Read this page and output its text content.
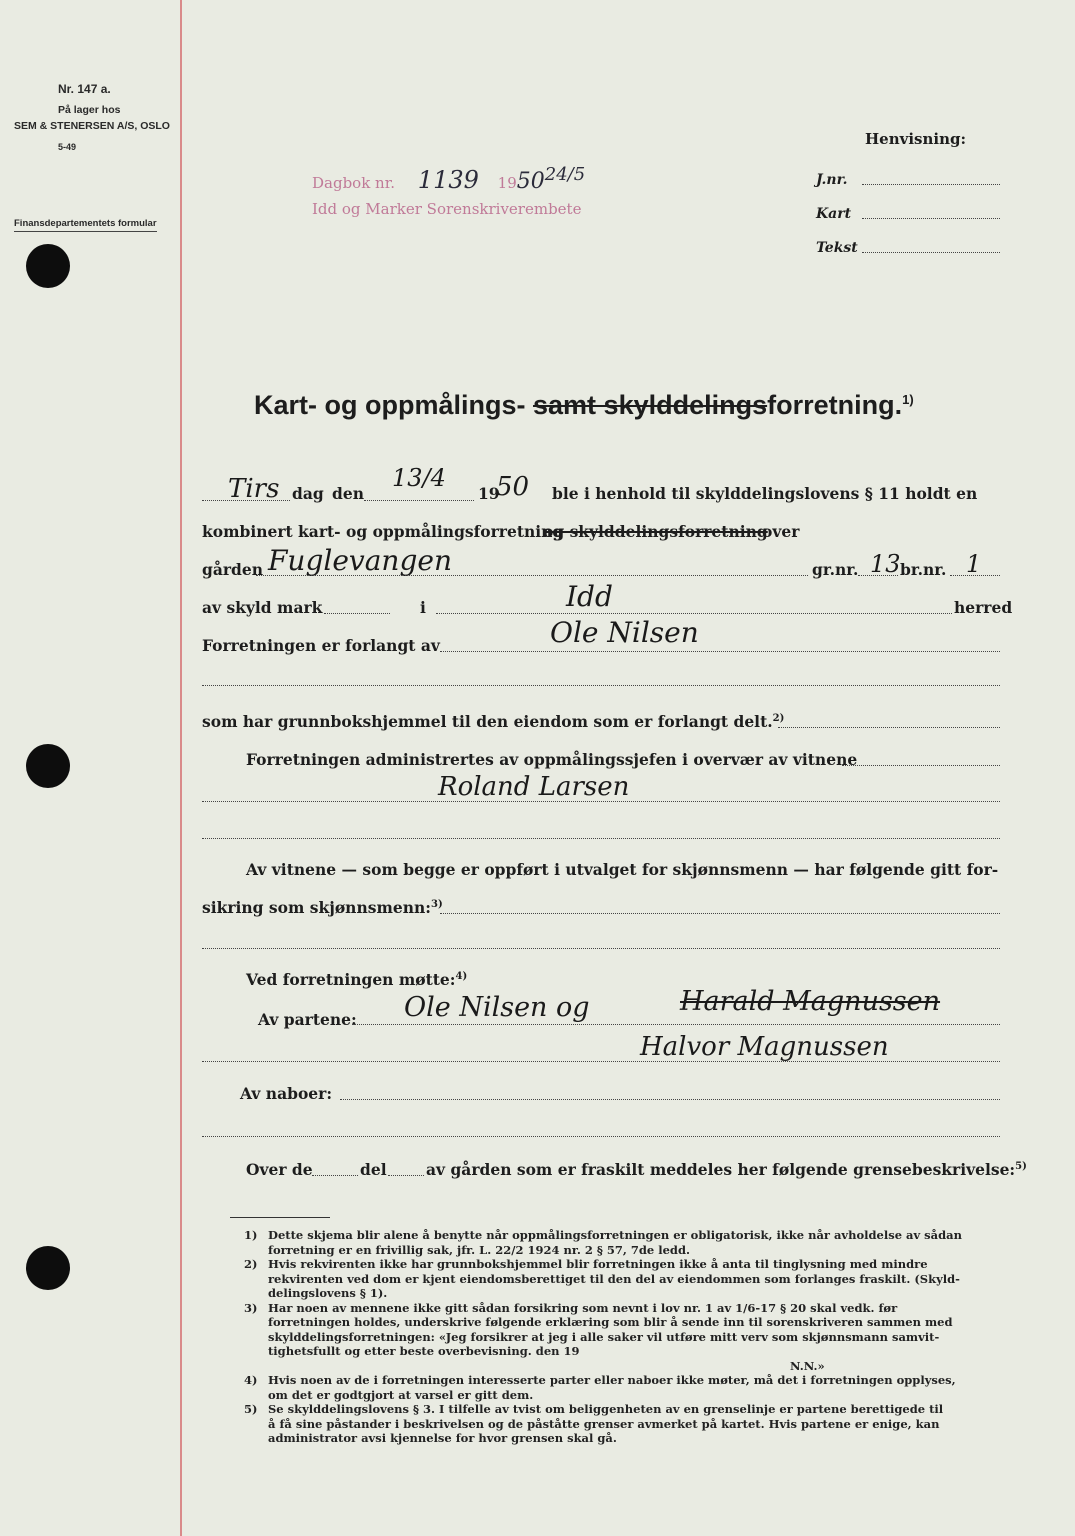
Nr. 147 a.
På lager hos
SEM & STENERSEN A/S, OSLO
5-49
Finansdepartementets formular
Dagbok nr. 1139 195024/5
Idd og Marker Sorenskriverembete
Henvisning:
J.nr.
Kart
Tekst
Kart- og oppmålings- samt skylddelingsforretning.$^{1)}$
Tirs dag den
13/4
19
50 ble i henhold til skylddelingslovens § 11 holdt en
kombinert kart- og oppmålingsforretning
og skylddelingsforretning
over
gården Fuglevangen	gr.nr. 13 br.nr. 1
av skyld mark	i	Idd	herred
Forretningen er forlangt av	Ole Nilsen
som har grunnbokshjemmel til den eiendom som er forlangt delt.$^{2)}$
Forretningen administrertes av oppmålingssjefen i overvær av vitnene
Roland Larsen
Av vitnene — som begge er oppført i utvalget for skjønnsmenn — har følgende gitt for-
sikring som skjønnsmenn:$^{3)}$
Ved forretningen møtte:$^{4)}$
Av partene: Ole Nilsen og	Harald Magnussen
Halvor Magnussen
Av naboer:
Over de	del	av gården som er fraskilt meddeles her følgende grensebeskrivelse:$^{5)}$
1) Dette skjema blir alene å benytte når oppmålingsforretningen er obligatorisk, ikke når avholdelse av sådan
forretning er en frivillig sak, jfr. L. 22/2 1924 nr. 2 § 57, 7de ledd.
2) Hvis rekvirenten ikke har grunnbokshjemmel blir forretningen ikke å anta til tinglysning med mindre
rekvirenten ved dom er kjent eiendomsberettiget til den del av eiendommen som forlanges fraskilt. (Skyld-
delingslovens § 1).
3) Har noen av mennene ikke gitt sådan forsikring som nevnt i lov nr. 1 av 1/6-17 § 20 skal vedk. før
forretningen holdes, underskrive følgende erklæring som blir å sende inn til sorenskriveren sammen med
skylddelingsforretningen: «Jeg forsikrer at jeg i alle saker vil utføre mitt verv som skjønnsmann samvit-
tighetsfullt og etter beste overbevisning. den 19
N.N.»
4) Hvis noen av de i forretningen interesserte parter eller naboer ikke møter, må det i forretningen opplyses,
om det er godtgjort at varsel er gitt dem.
5) Se skylddelingslovens § 3. I tilfelle av tvist om beliggenheten av en grenselinje er partene berettigede til
å få sine påstander i beskrivelsen og de påståtte grenser avmerket på kartet. Hvis partene er enige, kan
administrator avsi kjennelse for hvor grensen skal gå.
